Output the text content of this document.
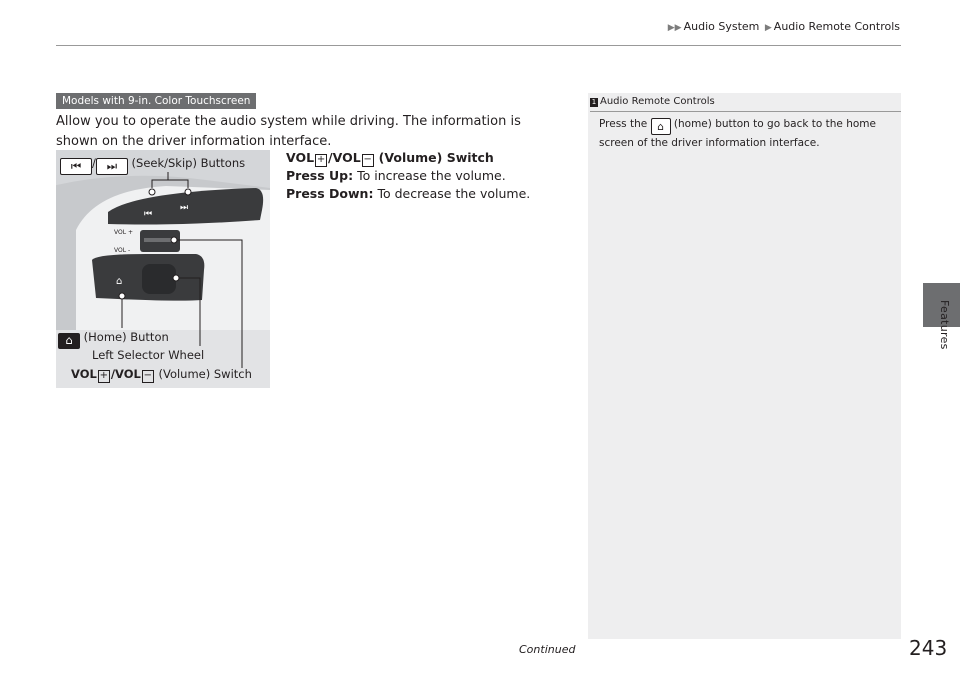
▶▶ Audio System ▶ Audio Remote Controls
Features
Models with 9-in. Color Touchscreen
Allow you to operate the audio system while driving. The information is shown on the driver information interface.
VOL + /VOL − (Volume) Switch
Press Up: To increase the volume.
Press Down: To decrease the volume.
⏮
⏭
VOL +
VOL -
⌂
⏮ / ⏭ (Seek/Skip) Buttons
⌂ (Home) Button
Left Selector Wheel
VOL + /VOL − (Volume) Switch
1 Audio Remote Controls
Press the ⌂ (home) button to go back to the home screen of the driver information interface.
Continued	243
